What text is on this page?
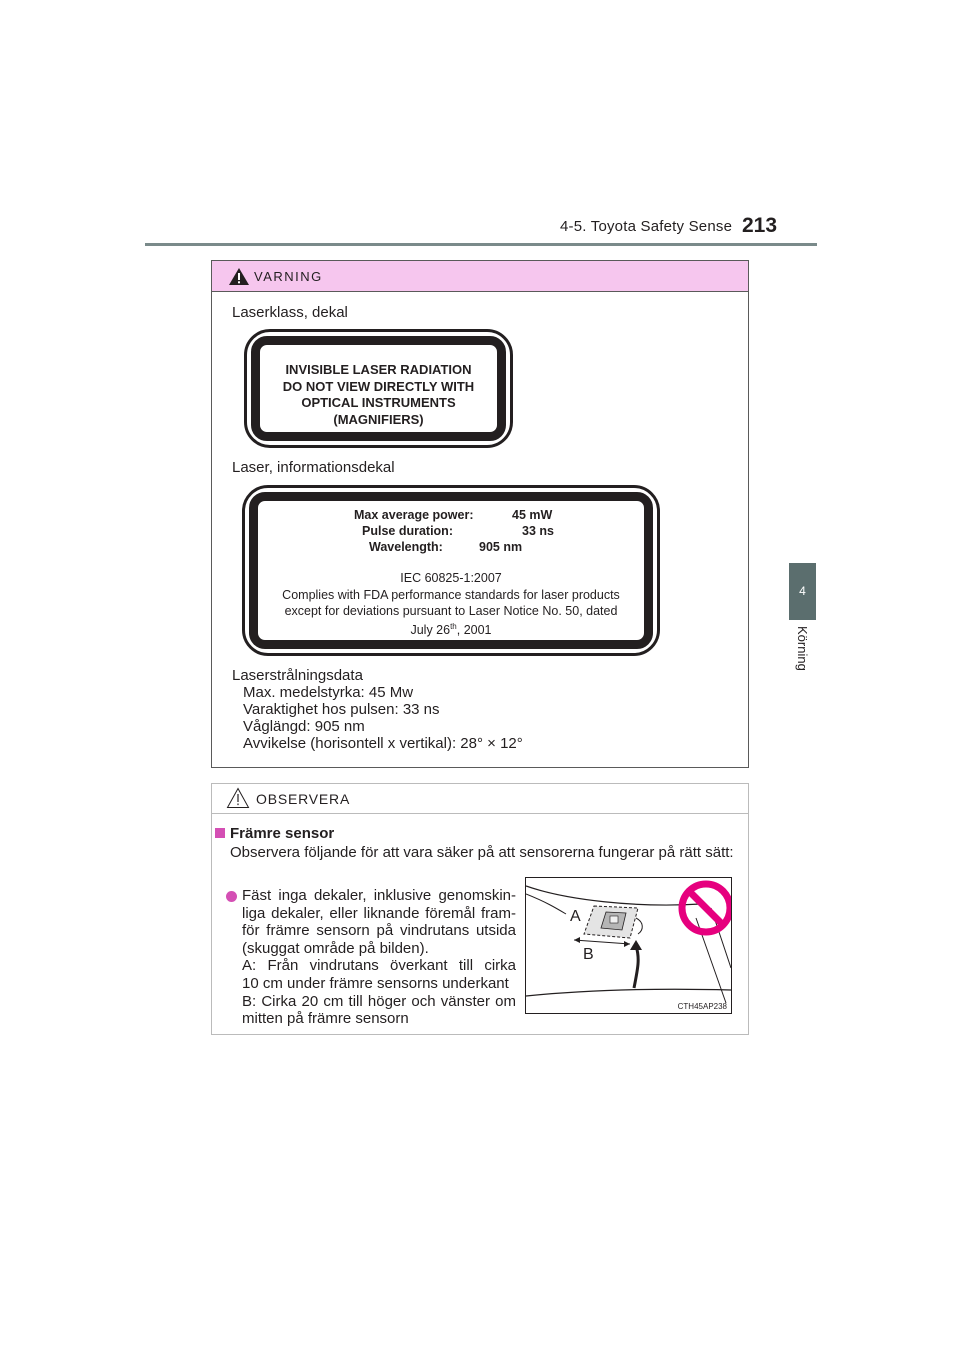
4-5. Toyota Safety Sense 213
4
Körning
VARNING
Laserklass, dekal
INVISIBLE LASER RADIATION
DO NOT VIEW DIRECTLY WITH
OPTICAL INSTRUMENTS
(MAGNIFIERS)
Laser, informationsdekal
Max average power:	45 mW
Pulse duration:	33 ns
Wavelength:	905 nm
IEC 60825-1:2007
Complies with FDA performance standards for laser products
except for deviations pursuant to Laser Notice No. 50, dated
July 26th, 2001
Laserstrålningsdata
Max. medelstyrka: 45 Mw
Varaktighet hos pulsen: 33 ns
Våglängd: 905 nm
Avvikelse (horisontell x vertikal): 28° × 12°
OBSERVERA
Främre sensor
Observera följande för att vara säker på att sensorerna fungerar på rätt sätt:
Fäst inga dekaler, inklusive genomskin-
liga dekaler, eller liknande föremål fram-
för främre sensorn på vindrutans utsida
(skuggat område på bilden).
A: Från vindrutans överkant till cirka
10 cm under främre sensorns underkant
B: Cirka 20 cm till höger och vänster om
mitten på främre sensorn
A
B
CTH45AP238
